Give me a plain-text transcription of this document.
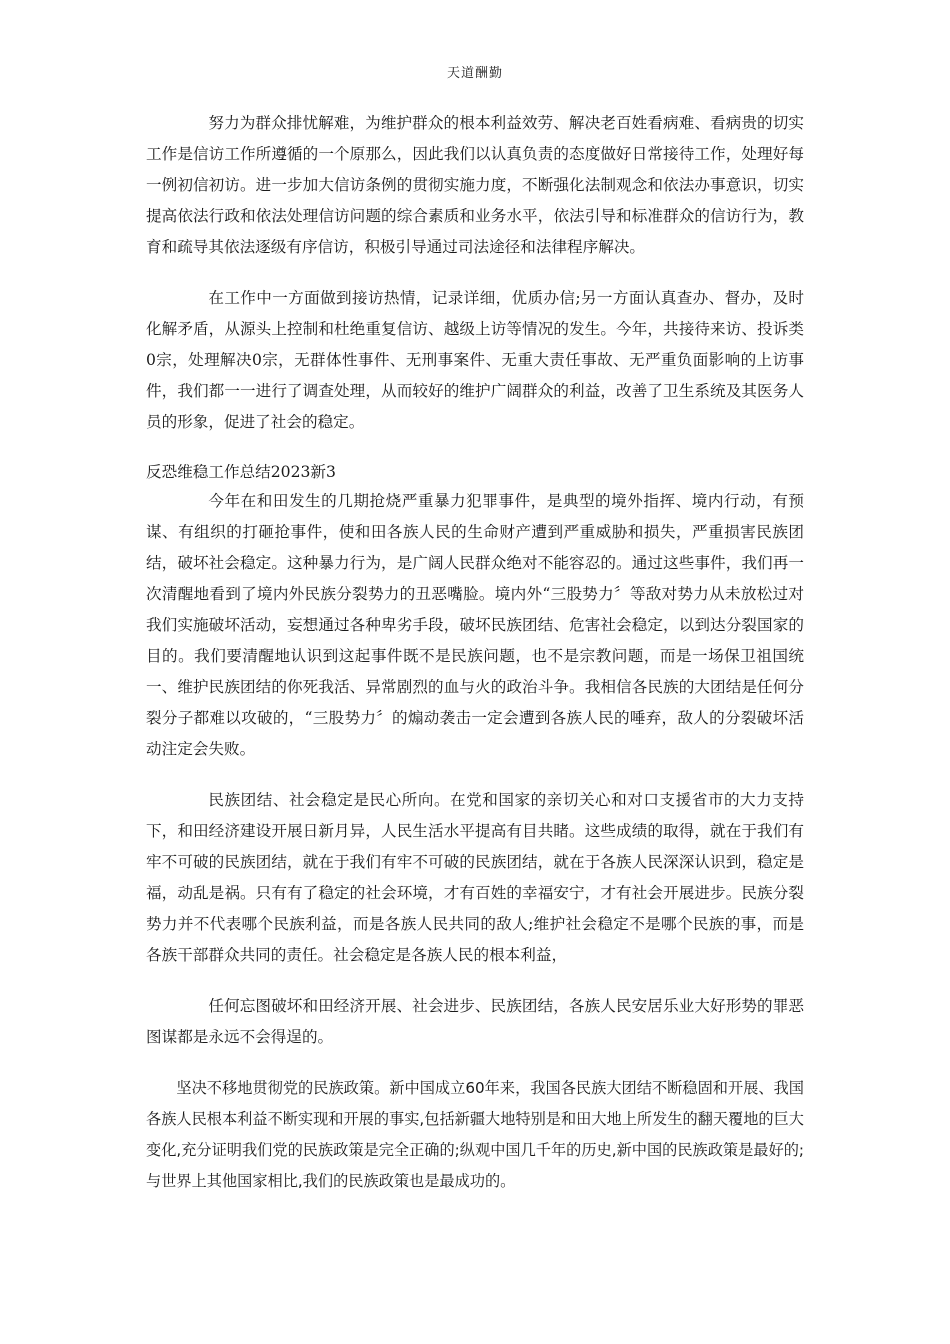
天道酬勤

努力为群众排忧解难，为维护群众的根本利益效劳、解决老百姓看病难、看病贵的切实工作是信访工作所遵循的一个原那么，因此我们以认真负责的态度做好日常接待工作，处理好每一例初信初访。进一步加大信访条例的贯彻实施力度，不断强化法制观念和依法办事意识，切实提高依法行政和依法处理信访问题的综合素质和业务水平，依法引导和标准群众的信访行为，教育和疏导其依法逐级有序信访，积极引导通过司法途径和法律程序解决。

在工作中一方面做到接访热情，记录详细，优质办信;另一方面认真查办、督办，及时化解矛盾，从源头上控制和杜绝重复信访、越级上访等情况的发生。今年，共接待来访、投诉类0宗，处理解决0宗，无群体性事件、无刑事案件、无重大责任事故、无严重负面影响的上访事件，我们都一一进行了调查处理，从而较好的维护广阔群众的利益，改善了卫生系统及其医务人员的形象，促进了社会的稳定。

反恐维稳工作总结2023新3

今年在和田发生的几期抢烧严重暴力犯罪事件，是典型的境外指挥、境内行动，有预谋、有组织的打砸抢事件，使和田各族人民的生命财产遭到严重威胁和损失，严重损害民族团结，破坏社会稳定。这种暴力行为，是广阔人民群众绝对不能容忍的。通过这些事件，我们再一次清醒地看到了境内外民族分裂势力的丑恶嘴脸。境内外“三股势力〞等敌对势力从未放松过对我们实施破坏活动，妄想通过各种卑劣手段，破坏民族团结、危害社会稳定，以到达分裂国家的目的。我们要清醒地认识到这起事件既不是民族问题，也不是宗教问题，而是一场保卫祖国统一、维护民族团结的你死我活、异常剧烈的血与火的政治斗争。我相信各民族的大团结是任何分裂分子都难以攻破的，“三股势力〞的煽动袭击一定会遭到各族人民的唾弃，敌人的分裂破坏活动注定会失败。

民族团结、社会稳定是民心所向。在党和国家的亲切关心和对口支援省市的大力支持下，和田经济建设开展日新月异，人民生活水平提高有目共睹。这些成绩的取得，就在于我们有牢不可破的民族团结，就在于我们有牢不可破的民族团结，就在于各族人民深深认识到，稳定是福，动乱是祸。只有有了稳定的社会环境，才有百姓的幸福安宁，才有社会开展进步。民族分裂势力并不代表哪个民族利益，而是各族人民共同的敌人;维护社会稳定不是哪个民族的事，而是各族干部群众共同的责任。社会稳定是各族人民的根本利益，

任何忘图破坏和田经济开展、社会进步、民族团结，各族人民安居乐业大好形势的罪恶图谋都是永远不会得逞的。

坚决不移地贯彻党的民族政策。新中国成立60年来，我国各民族大团结不断稳固和开展、我国各族人民根本利益不断实现和开展的事实,包括新疆大地特别是和田大地上所发生的翻天覆地的巨大变化,充分证明我们党的民族政策是完全正确的;纵观中国几千年的历史,新中国的民族政策是最好的;与世界上其他国家相比,我们的民族政策也是最成功的。
